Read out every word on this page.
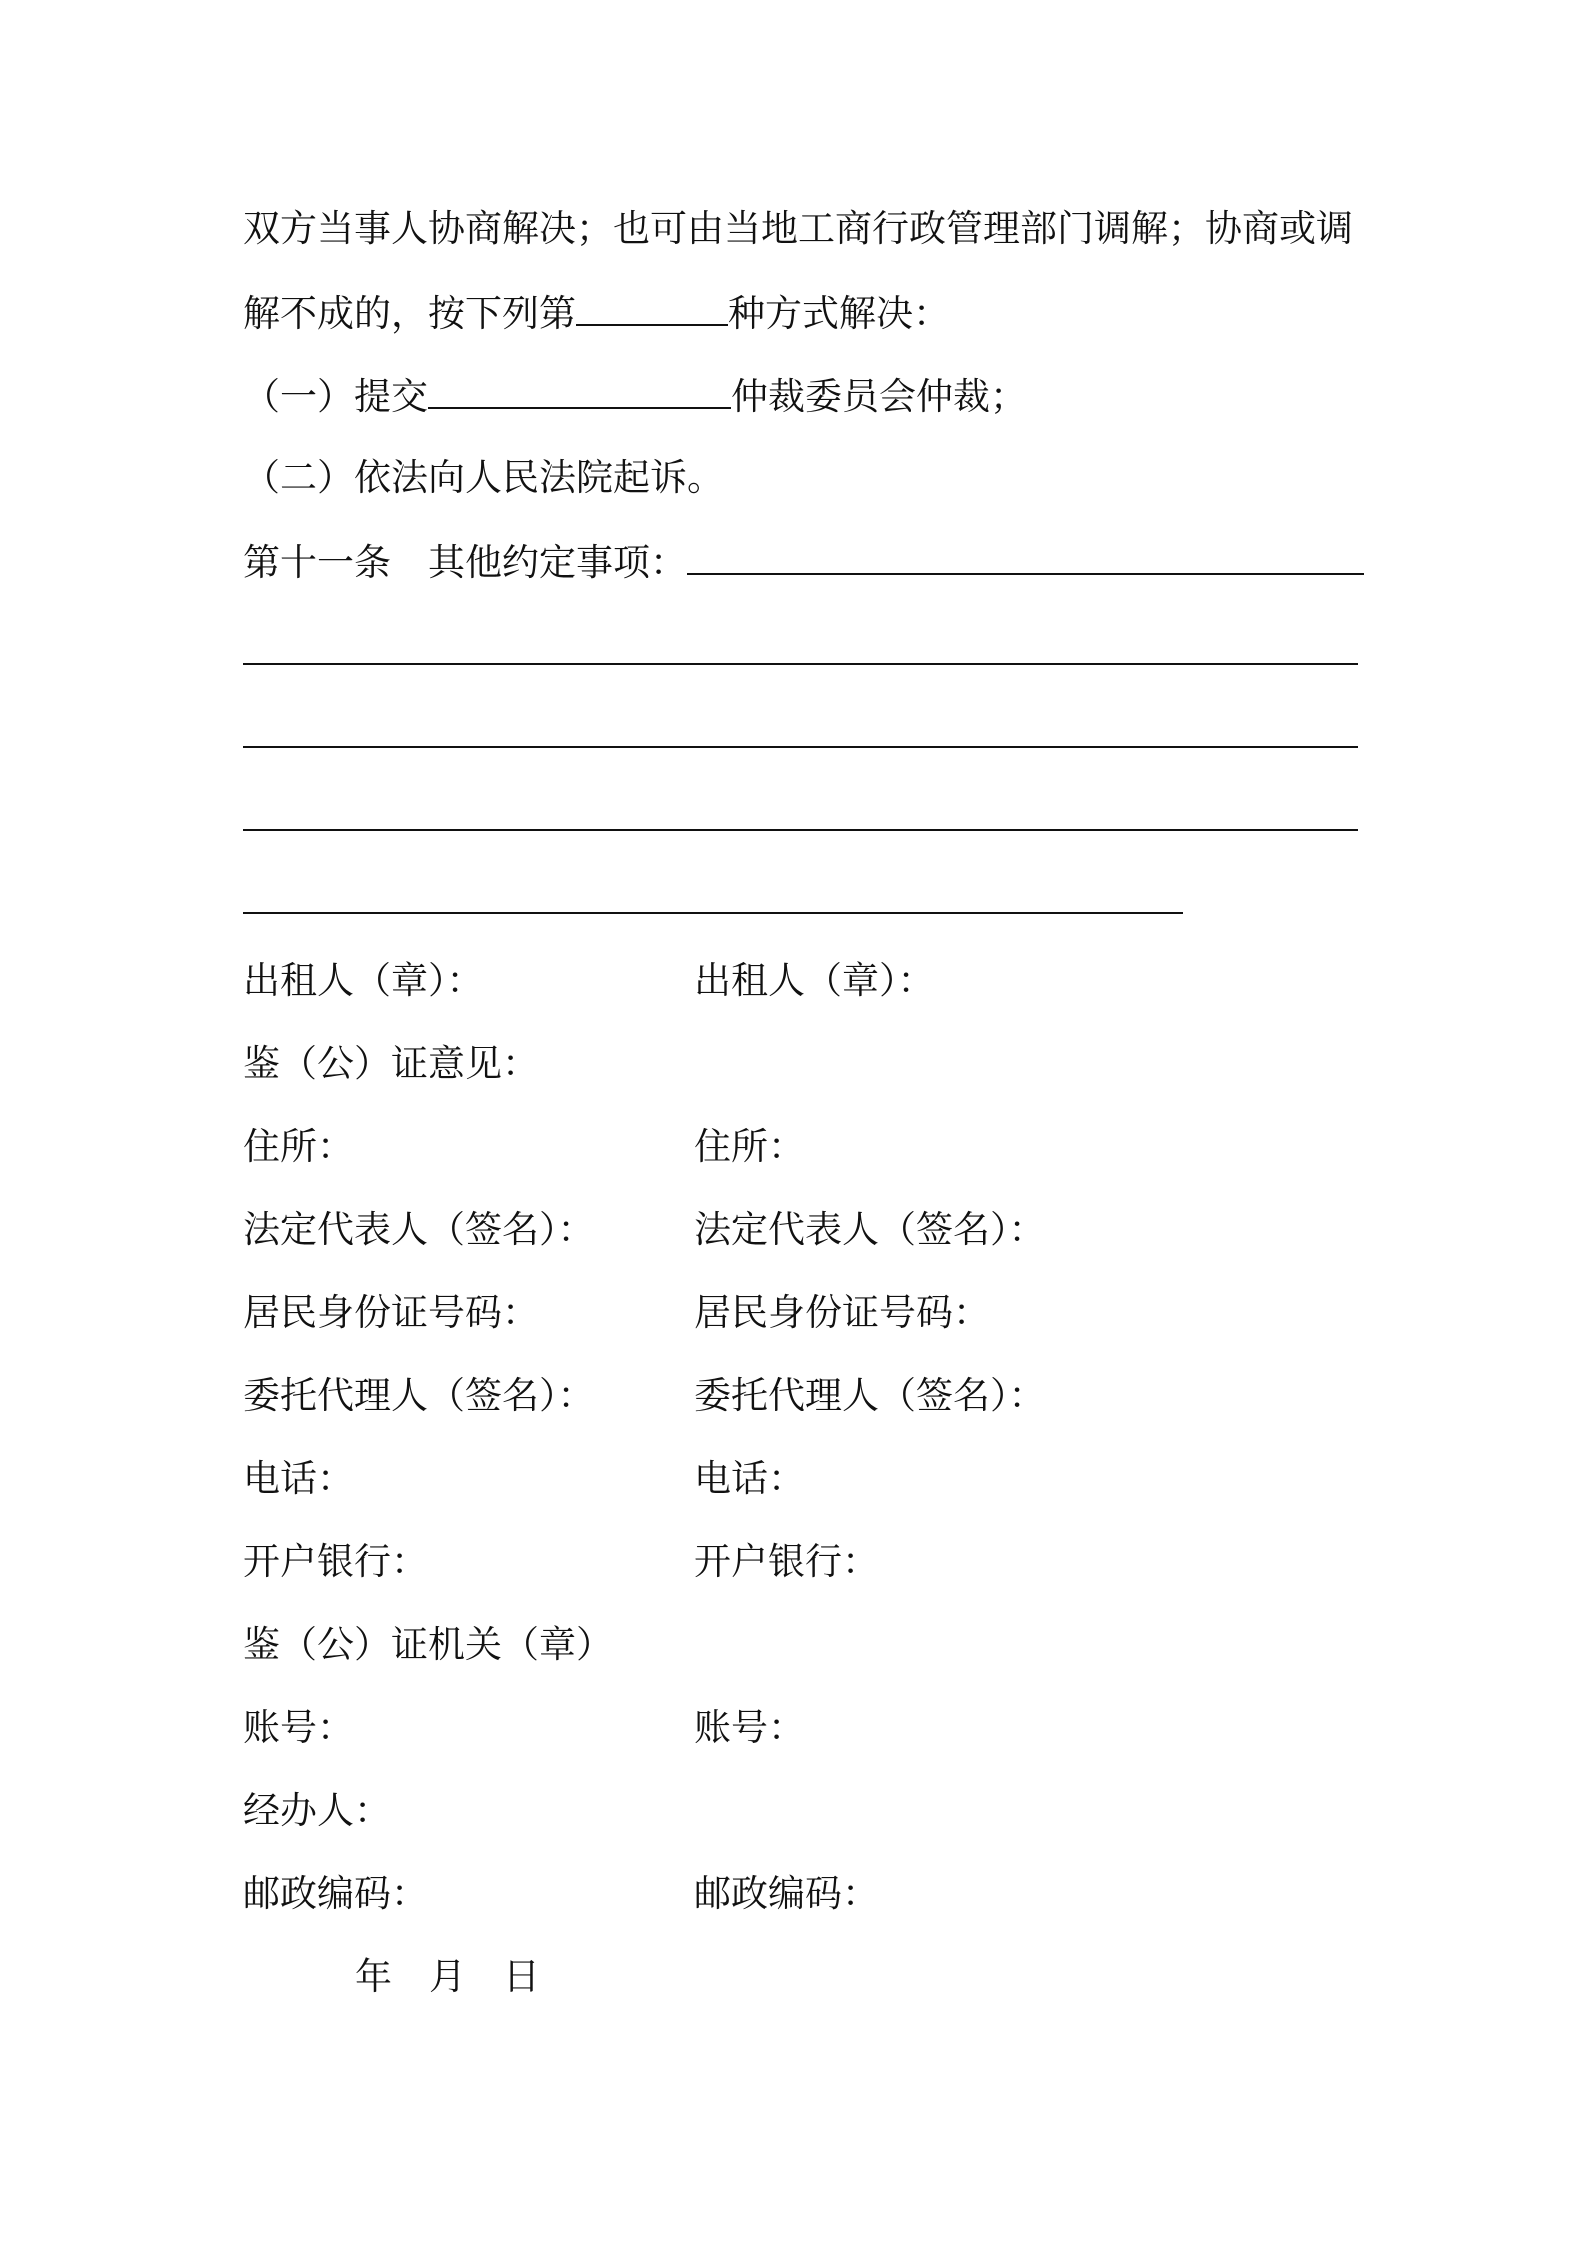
双方当事人协商解决；也可由当地工商行政管理部门调解；协商或调
解不成的，按下列第	种方式解决：
（一）提交	仲裁委员会仲裁；
（二）依法向人民法院起诉。
第十一条　其他约定事项：
出租人（章）：	出租人（章）：
鉴（公）证意见：
住所：	住所：
法定代表人（签名）：	法定代表人（签名）：
居民身份证号码：	居民身份证号码：
委托代理人（签名）：	委托代理人（签名）：
电话：	电话：
开户银行：	开户银行：
鉴（公）证机关（章）
账号：	账号：
经办人：
邮政编码：	邮政编码：
年　月　日
